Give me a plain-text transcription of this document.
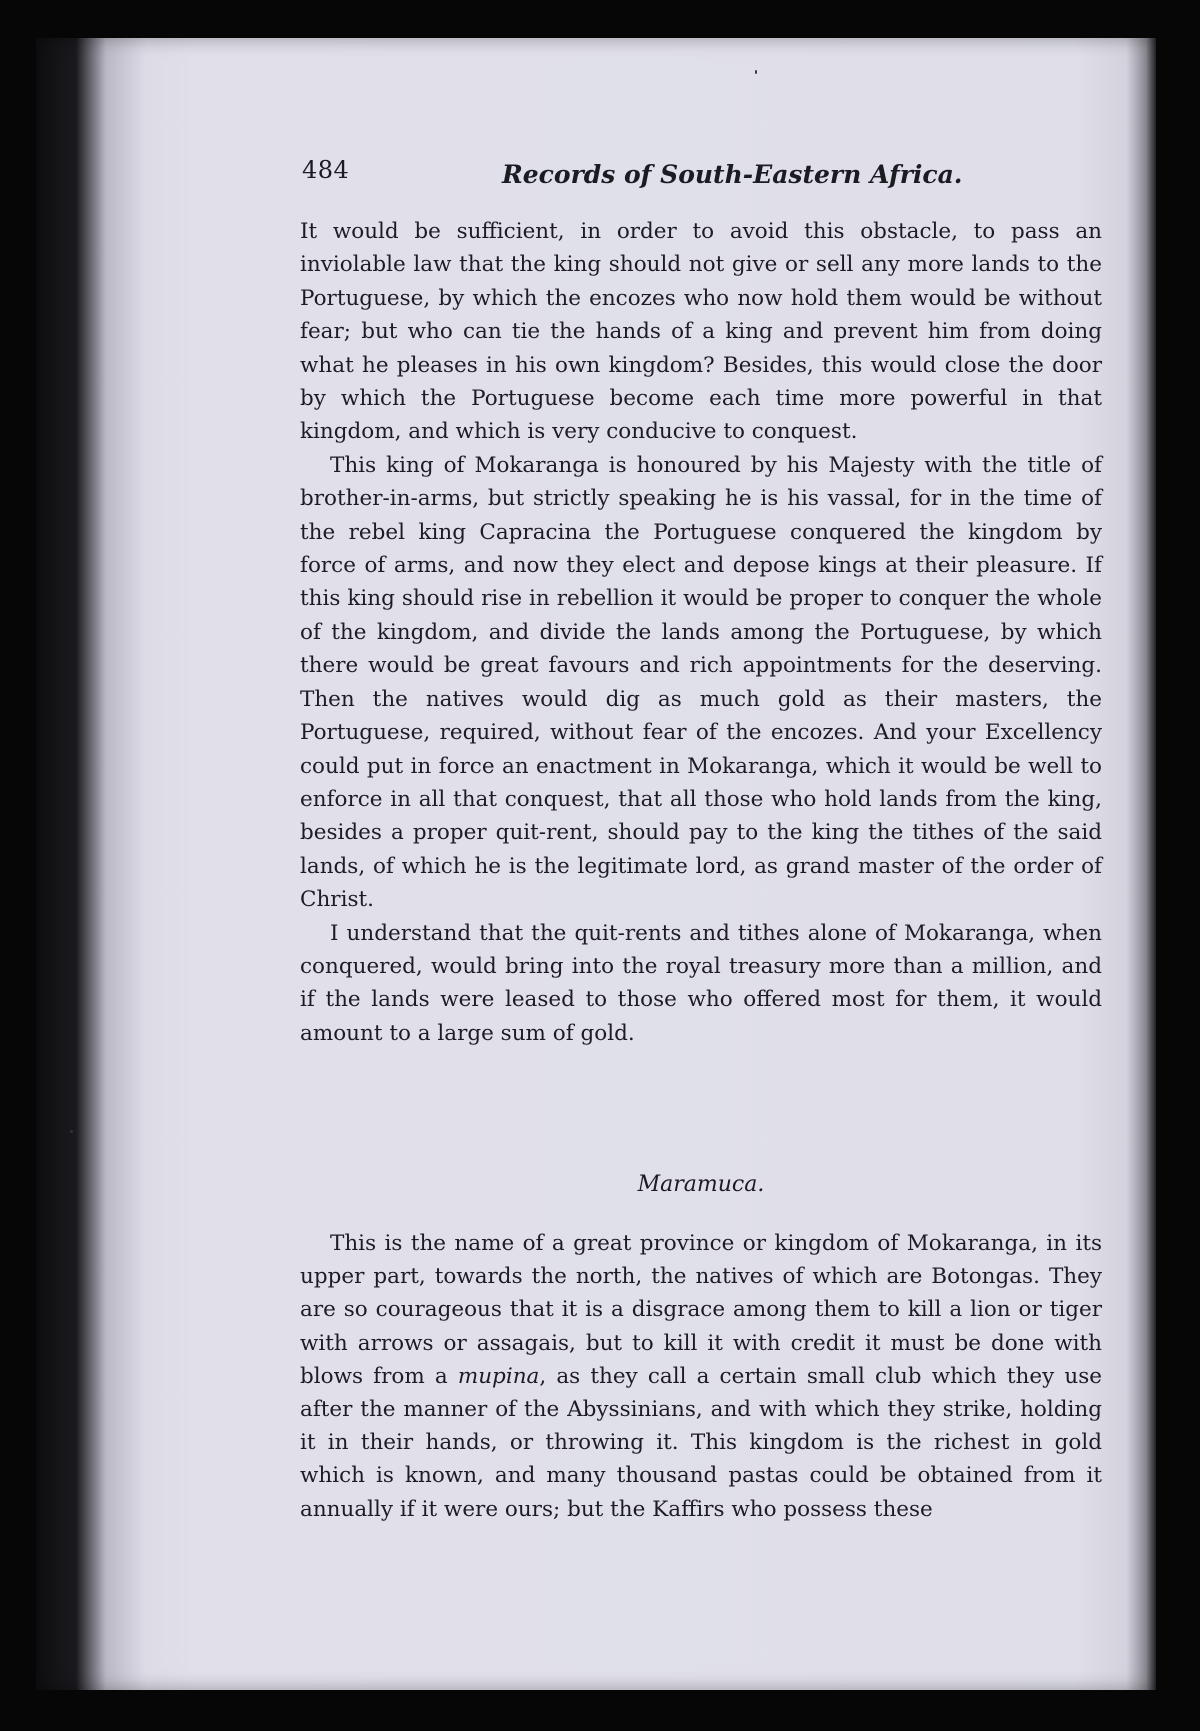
484	Records of South-Eastern Africa.

It would be sufficient, in order to avoid this obstacle, to pass an inviolable law that the king should not give or sell any more lands to the Portuguese, by which the encozes who now hold them would be without fear; but who can tie the hands of a king and prevent him from doing what he pleases in his own kingdom? Besides, this would close the door by which the Portuguese become each time more powerful in that kingdom, and which is very conducive to conquest.

This king of Mokaranga is honoured by his Majesty with the title of brother-in-arms, but strictly speaking he is his vassal, for in the time of the rebel king Capracina the Portuguese conquered the kingdom by force of arms, and now they elect and depose kings at their pleasure. If this king should rise in rebellion it would be proper to conquer the whole of the kingdom, and divide the lands among the Portuguese, by which there would be great favours and rich appointments for the deserving. Then the natives would dig as much gold as their masters, the Portuguese, required, without fear of the encozes. And your Excellency could put in force an enactment in Mokaranga, which it would be well to enforce in all that conquest, that all those who hold lands from the king, besides a proper quit-rent, should pay to the king the tithes of the said lands, of which he is the legitimate lord, as grand master of the order of Christ.

I understand that the quit-rents and tithes alone of Mokaranga, when conquered, would bring into the royal treasury more than a million, and if the lands were leased to those who offered most for them, it would amount to a large sum of gold.

Maramuca.

This is the name of a great province or kingdom of Mokaranga, in its upper part, towards the north, the natives of which are Botongas. They are so courageous that it is a disgrace among them to kill a lion or tiger with arrows or assagais, but to kill it with credit it must be done with blows from a mupina, as they call a certain small club which they use after the manner of the Abyssinians, and with which they strike, holding it in their hands, or throwing it. This kingdom is the richest in gold which is known, and many thousand pastas could be obtained from it annually if it were ours; but the Kaffirs who possess these
